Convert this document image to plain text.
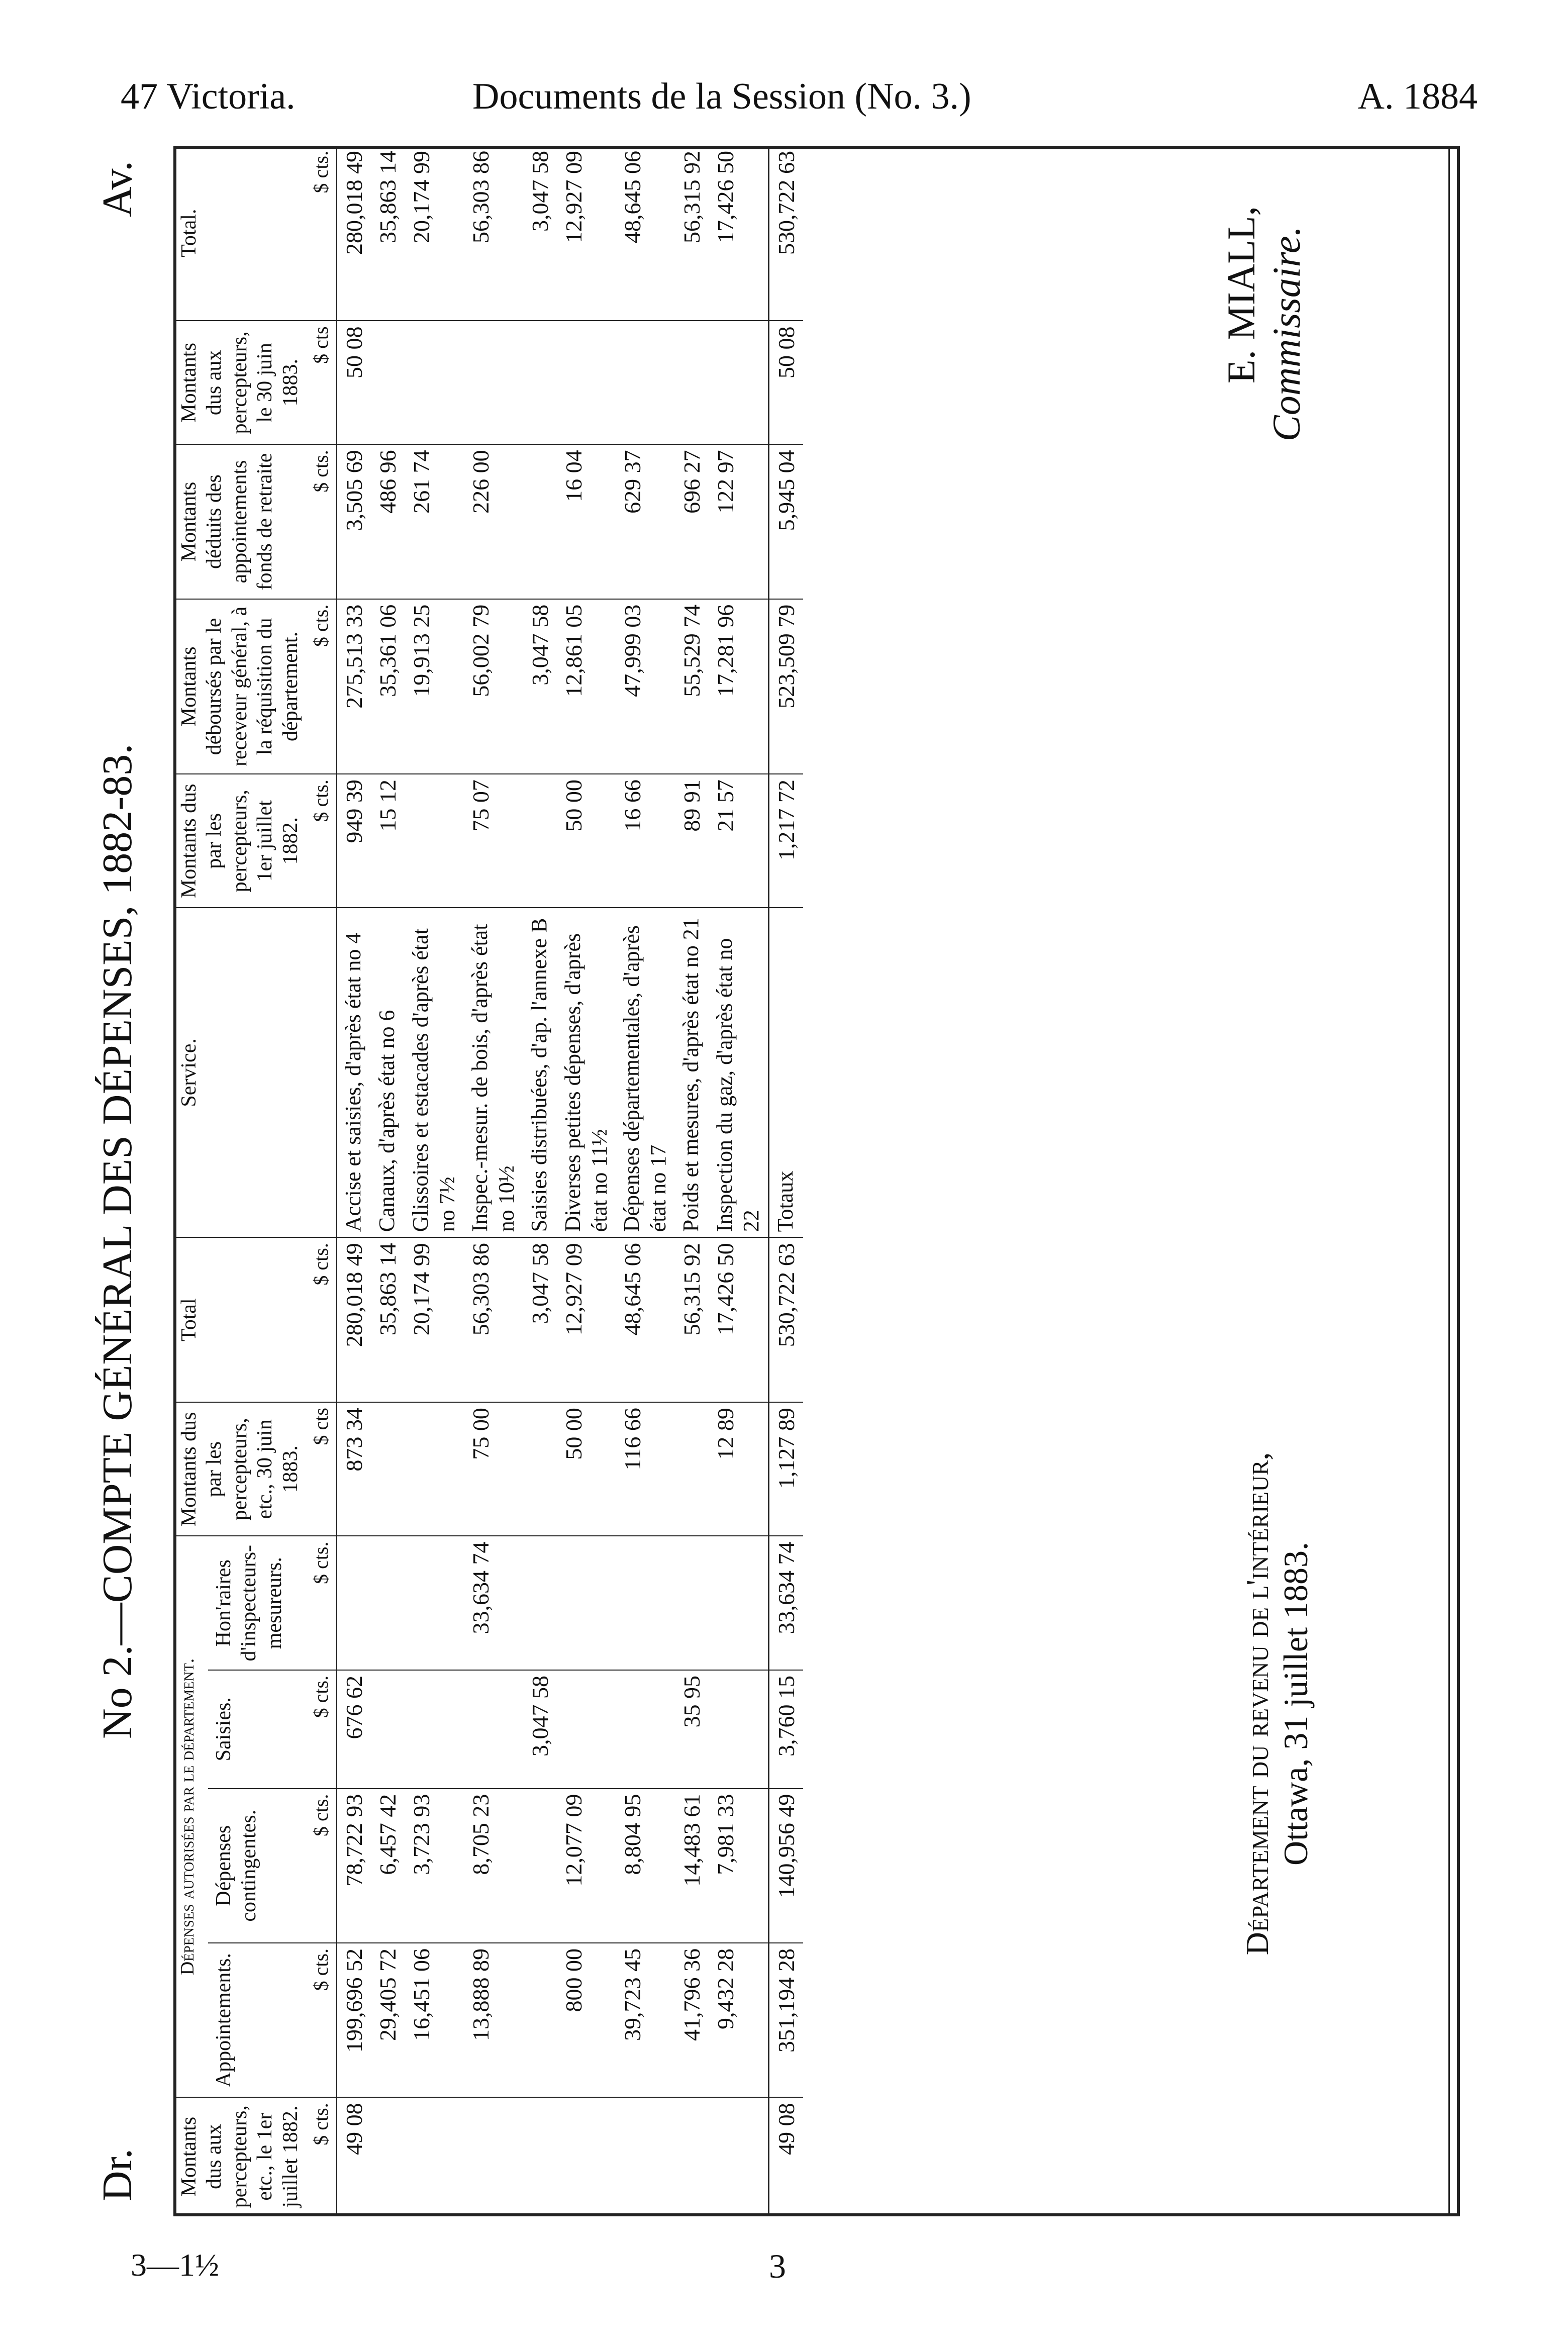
47 Victoria.	Documents de la Session (No. 3.)	A. 1884
Dr.
No 2.—COMPTE GÉNÉRAL DES DÉPENSES, 1882-83.
Av.
Montants dus aux percepteurs, etc., le 1er juillet 1882.	Dépenses autorisées par le département.				Montants dus par les percepteurs, etc., 30 juin 1883.	Total	Service.	Montants dus par les percepteurs, 1er juillet 1882.	Montants déboursés par le receveur général, à la réquisition du département.	Montants déduits des appointements fonds de retraite	Montants dus aux percepteurs, le 30 juin 1883.	Total.
	Appointements.	Dépenses contingentes.	Saisies.	Hon'raires d'inspecteurs-mesureurs.								
$ cts.	$ cts.	$ cts.	$ cts.	$ cts.	$ cts	$ cts.		$ cts.	$ cts.	$ cts.	$ cts	$ cts.
49 08	199,696 52	78,722 93	676 62		873 34	280,018 49	Accise et saisies, d'après état no 4	949 39	275,513 33	3,505 69	50 08	280,018 49
	29,405 72	6,457 42				35,863 14	Canaux, d'après état no 6	15 12	35,361 06	486 96		35,863 14
	16,451 06	3,723 93				20,174 99	Glissoires et estacades d'après état no 7½		19,913 25	261 74		20,174 99
	13,888 89	8,705 23		33,634 74	75 00	56,303 86	Inspec.-mesur. de bois, d'après état no 10½	75 07	56,002 79	226 00		56,303 86
			3,047 58			3,047 58	Saisies distribuées, d'ap. l'annexe B		3,047 58			3,047 58
	800 00	12,077 09			50 00	12,927 09	Diverses petites dépenses, d'après état no 11½	50 00	12,861 05	16 04		12,927 09
	39,723 45	8,804 95			116 66	48,645 06	Dépenses départementales, d'après état no 17	16 66	47,999 03	629 37		48,645 06
	41,796 36	14,483 61	35 95			56,315 92	Poids et mesures, d'après état no 21	89 91	55,529 74	696 27		56,315 92
	9,432 28	7,981 33			12 89	17,426 50	Inspection du gaz, d'après état no 22	21 57	17,281 96	122 97		17,426 50
49 08	351,194 28	140,956 49	3,760 15	33,634 74	1,127 89	530,722 63	Totaux	1,217 72	523,509 79	5,945 04	50 08	530,722 63
E. MIALL, Commissaire.
Département du revenu de l'intérieur, Ottawa, 31 juillet 1883.
3—1½	3
